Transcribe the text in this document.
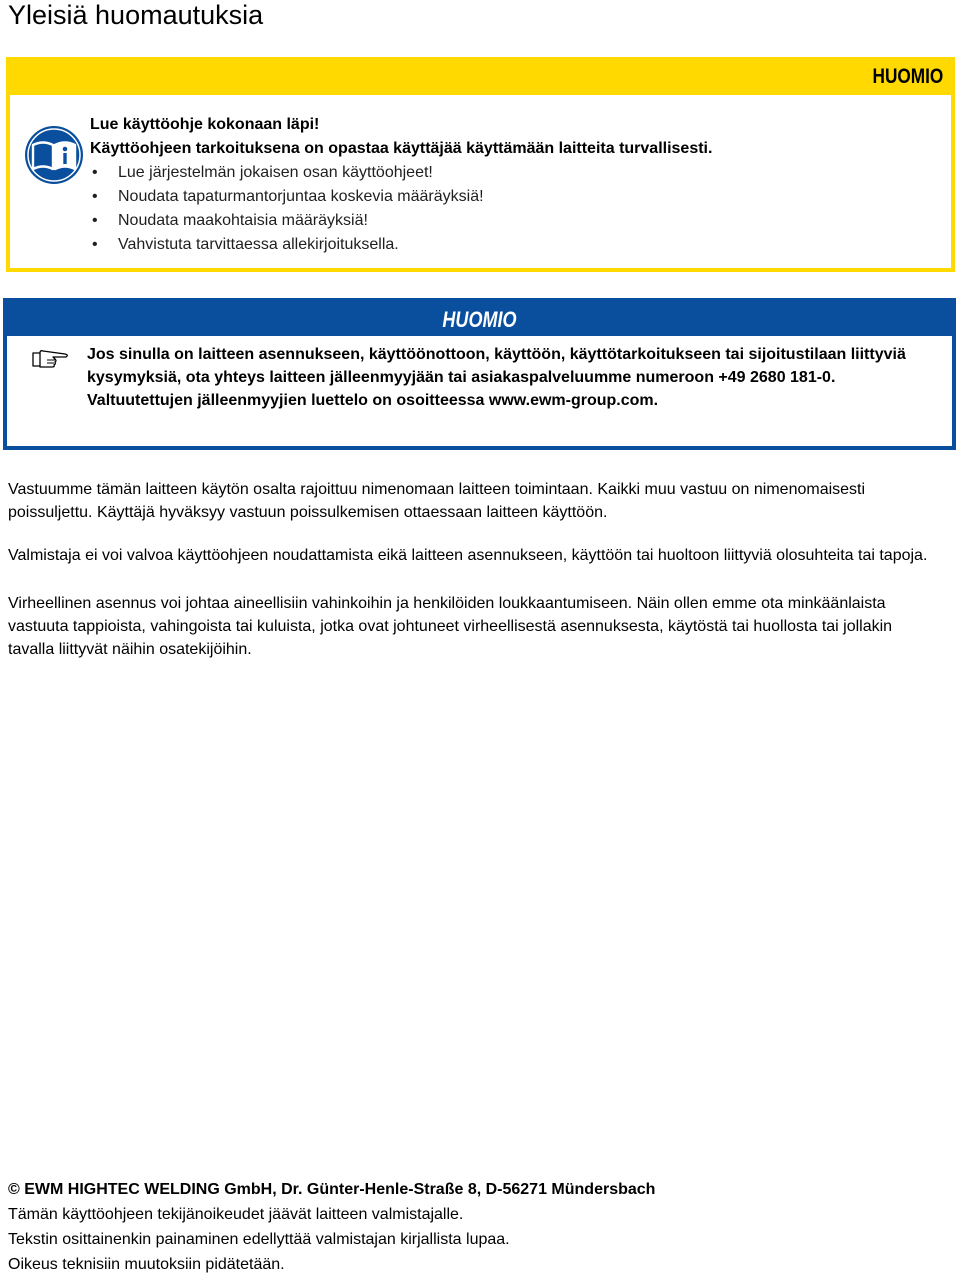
Yleisiä huomautuksia
HUOMIO
Lue käyttöohje kokonaan läpi!
Käyttöohjeen tarkoituksena on opastaa käyttäjää käyttämään laitteita turvallisesti.
• Lue järjestelmän jokaisen osan käyttöohjeet!
• Noudata tapaturmantorjuntaa koskevia määräyksiä!
• Noudata maakohtaisia määräyksiä!
• Vahvistuta tarvittaessa allekirjoituksella.
HUOMIO
Jos sinulla on laitteen asennukseen, käyttöönottoon, käyttöön, käyttötarkoitukseen tai sijoitustilaan liittyviä kysymyksiä, ota yhteys laitteen jälleenmyyjään tai asiakaspalveluumme numeroon +49 2680 181-0.
Valtuutettujen jälleenmyyjien luettelo on osoitteessa www.ewm-group.com.

Vastuumme tämän laitteen käytön osalta rajoittuu nimenomaan laitteen toimintaan. Kaikki muu vastuu on nimenomaisesti poissuljettu. Käyttäjä hyväksyy vastuun poissulkemisen ottaessaan laitteen käyttöön.

Valmistaja ei voi valvoa käyttöohjeen noudattamista eikä laitteen asennukseen, käyttöön tai huoltoon liittyviä olosuhteita tai tapoja.

Virheellinen asennus voi johtaa aineellisiin vahinkoihin ja henkilöiden loukkaantumiseen. Näin ollen emme ota minkäänlaista vastuuta tappioista, vahingoista tai kuluista, jotka ovat johtuneet virheellisestä asennuksesta, käytöstä tai huollosta tai jollakin tavalla liittyvät näihin osatekijöihin.

© EWM HIGHTEC WELDING GmbH, Dr. Günter-Henle-Straße 8, D-56271 Mündersbach
Tämän käyttöohjeen tekijänoikeudet jäävät laitteen valmistajalle.
Tekstin osittainenkin painaminen edellyttää valmistajan kirjallista lupaa.
Oikeus teknisiin muutoksiin pidätetään.
